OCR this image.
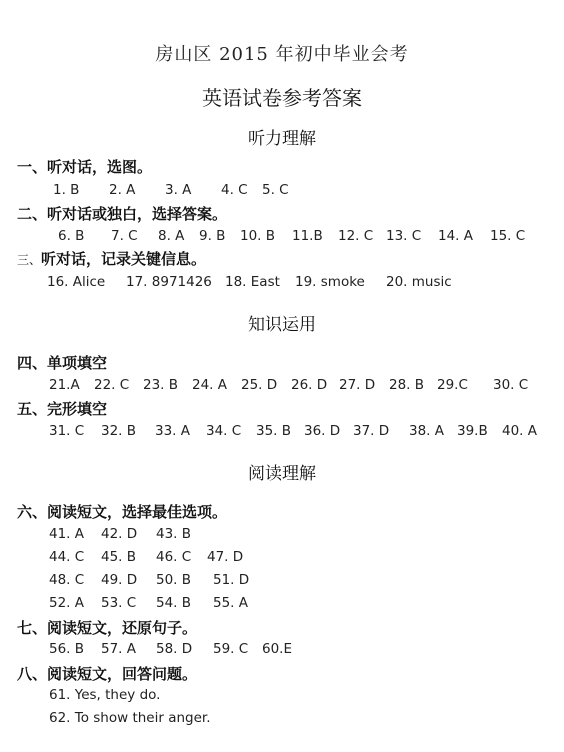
房山区 2015 年初中毕业会考
英语试卷参考答案
听力理解
一、听对话，选图。
1. B 2. A 3. A 4. C 5. C
二、听对话或独白，选择答案。
6. B 7. C 8. A 9. B 10. B 11.B 12. C 13. C 14. A 15. C
三、听对话，记录关键信息。
16. Alice 17. 8971426 18. East 19. smoke 20. music
知识运用
四、单项填空
21.A 22. C 23. B 24. A 25. D 26. D 27. D 28. B 29.C 30. C
五、完形填空
31. C 32. B 33. A 34. C 35. B 36. D 37. D 38. A 39.B 40. A
阅读理解
六、阅读短文，选择最佳选项。
41. A 42. D 43. B
44. C 45. B 46. C 47. D
48. C 49. D 50. B 51. D
52. A 53. C 54. B 55. A
七、阅读短文，还原句子。
56. B 57. A 58. D 59. C 60.E
八、阅读短文，回答问题。
61. Yes, they do.
62. To show their anger.
